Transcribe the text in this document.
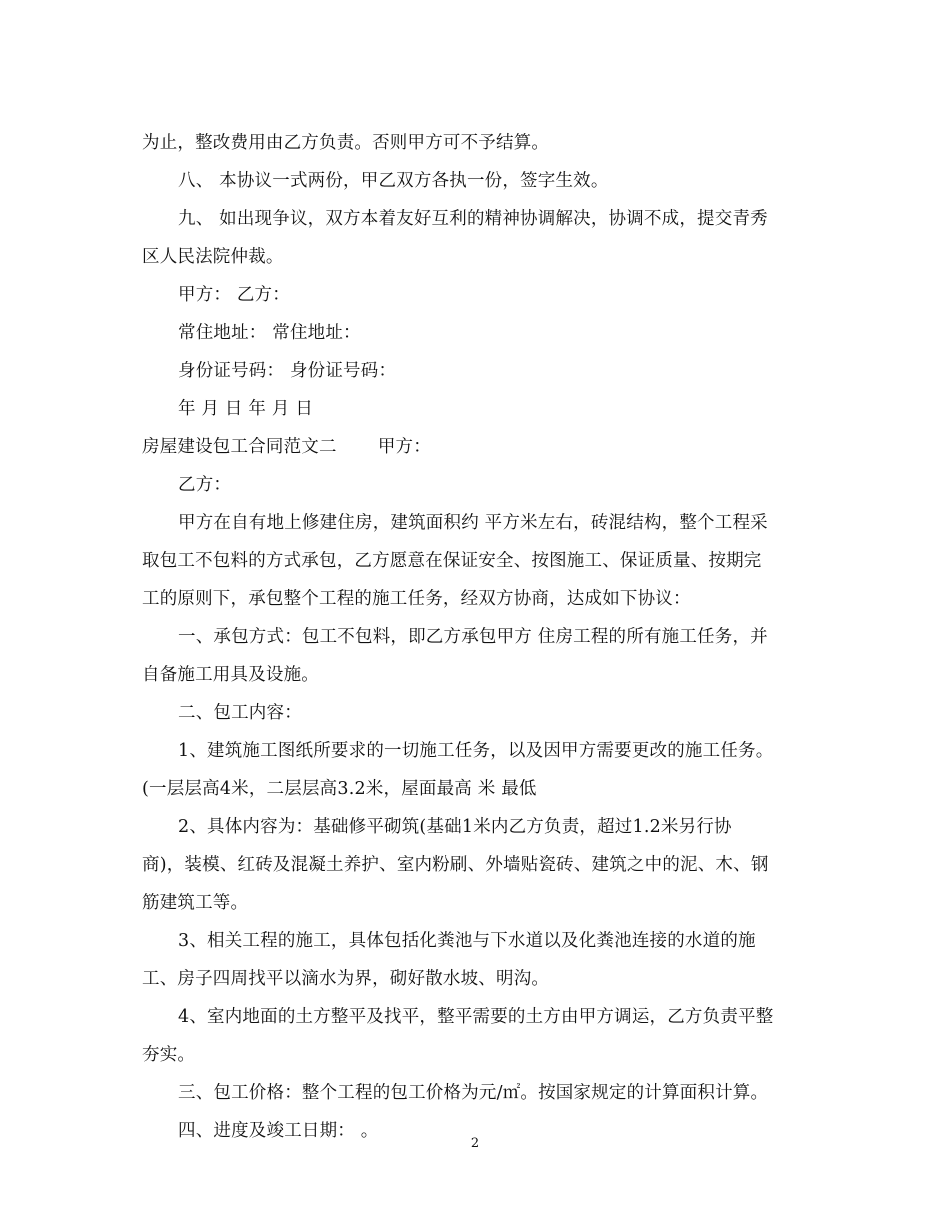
为止，整改费用由乙方负责。否则甲方可不予结算。
八、 本协议一式两份，甲乙双方各执一份，签字生效。
九、 如出现争议，双方本着友好互利的精神协调解决，协调不成，提交青秀
区人民法院仲裁。
甲方： 乙方：
常住地址： 常住地址：
身份证号码： 身份证号码：
年 月 日 年 月 日
房屋建设包工合同范文二　　 甲方：
乙方：
甲方在自有地上修建住房，建筑面积约 平方米左右，砖混结构，整个工程采
取包工不包料的方式承包，乙方愿意在保证安全、按图施工、保证质量、按期完
工的原则下，承包整个工程的施工任务，经双方协商，达成如下协议：
一、承包方式：包工不包料，即乙方承包甲方 住房工程的所有施工任务，并
自备施工用具及设施。
二、包工内容：
1、建筑施工图纸所要求的一切施工任务，以及因甲方需要更改的施工任务。
(一层层高4米，二层层高3.2米，屋面最高 米 最低
2、具体内容为：基础修平砌筑(基础1米内乙方负责，超过1.2米另行协
商)，装模、红砖及混凝土养护、室内粉刷、外墙贴瓷砖、建筑之中的泥、木、钢
筋建筑工等。
3、相关工程的施工，具体包括化粪池与下水道以及化粪池连接的水道的施
工、房子四周找平以滴水为界，砌好散水坡、明沟。
4、室内地面的土方整平及找平，整平需要的土方由甲方调运，乙方负责平整
夯实。
三、包工价格：整个工程的包工价格为元/㎡。按国家规定的计算面积计算。
四、进度及竣工日期： 。
2
